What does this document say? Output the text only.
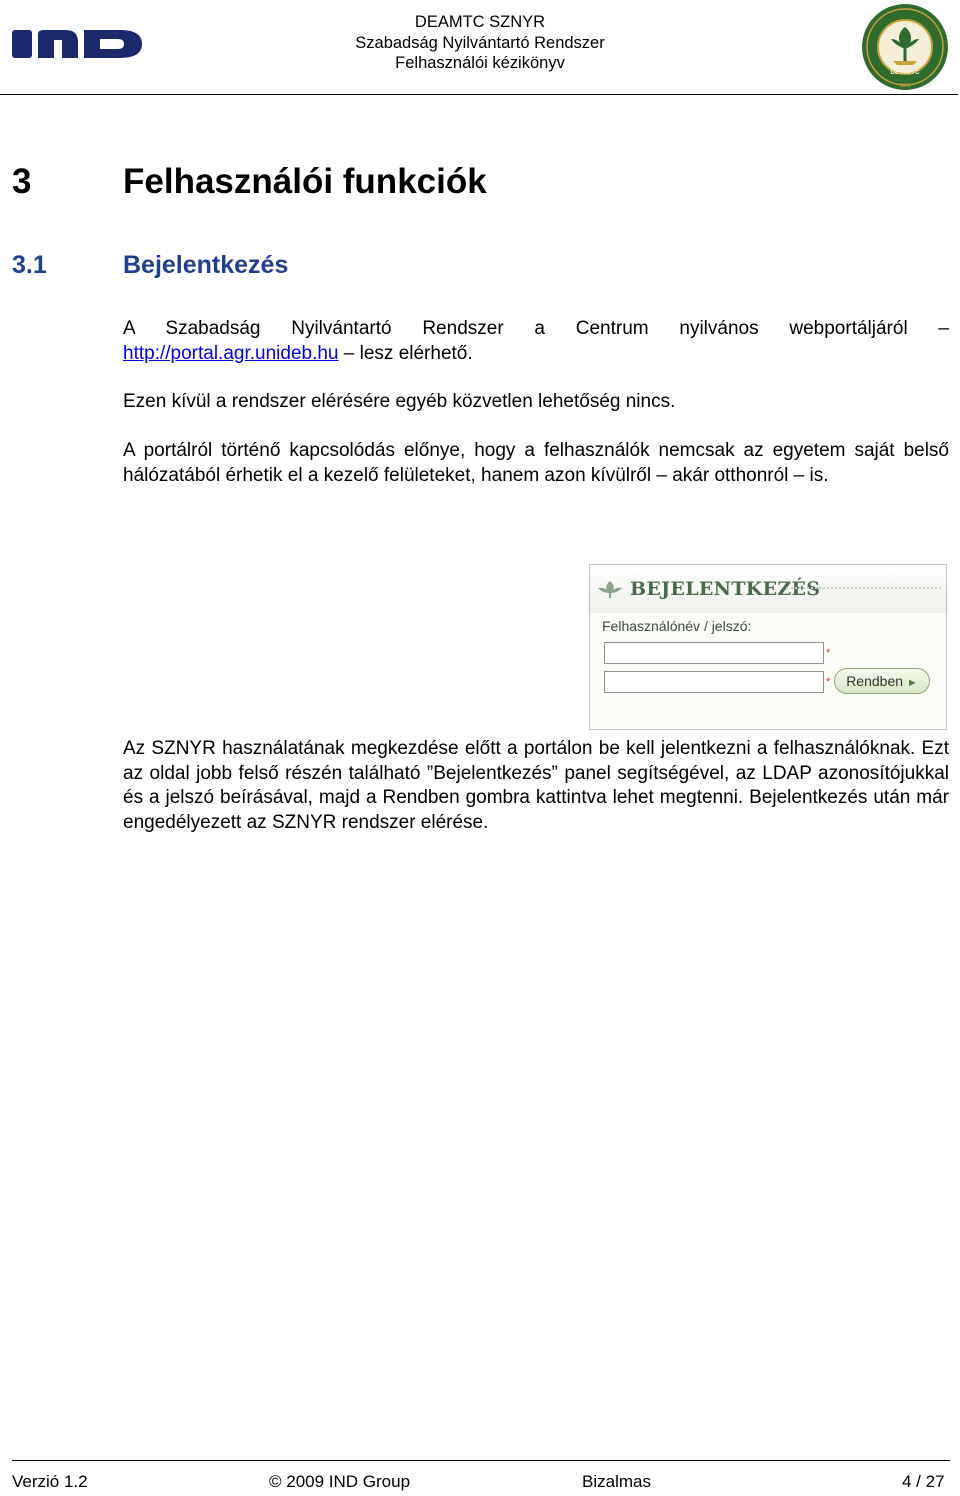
DEAMTC SZNYR
Szabadság Nyilvántartó Rendszer
Felhasználói kézikönyv
DE AMTC
1868
3	Felhasználói funkciók
3.1	Bejelentkezés

A Szabadság Nyilvántartó Rendszer a Centrum nyilvános webportáljáról – http://portal.agr.unideb.hu – lesz elérhető.

Ezen kívül a rendszer elérésére egyéb közvetlen lehetőség nincs.

A portálról történő kapcsolódás előnye, hogy a felhasználók nemcsak az egyetem saját belső hálózatából érhetik el a kezelő felületeket, hanem azon kívülről – akár otthonról – is.

BEJELENTKEZÉS
Felhasználónév / jelszó:
*
*	Rendben ►

Az SZNYR használatának megkezdése előtt a portálon be kell jelentkezni a felhasználóknak. Ezt az oldal jobb felső részén található ”Bejelentkezés” panel segítségével, az LDAP azonosítójukkal és a jelszó beírásával, majd a Rendben gombra kattintva lehet megtenni. Bejelentkezés után már engedélyezett az SZNYR rendszer elérése.

Verzió 1.2	© 2009 IND Group	Bizalmas	4 / 27
